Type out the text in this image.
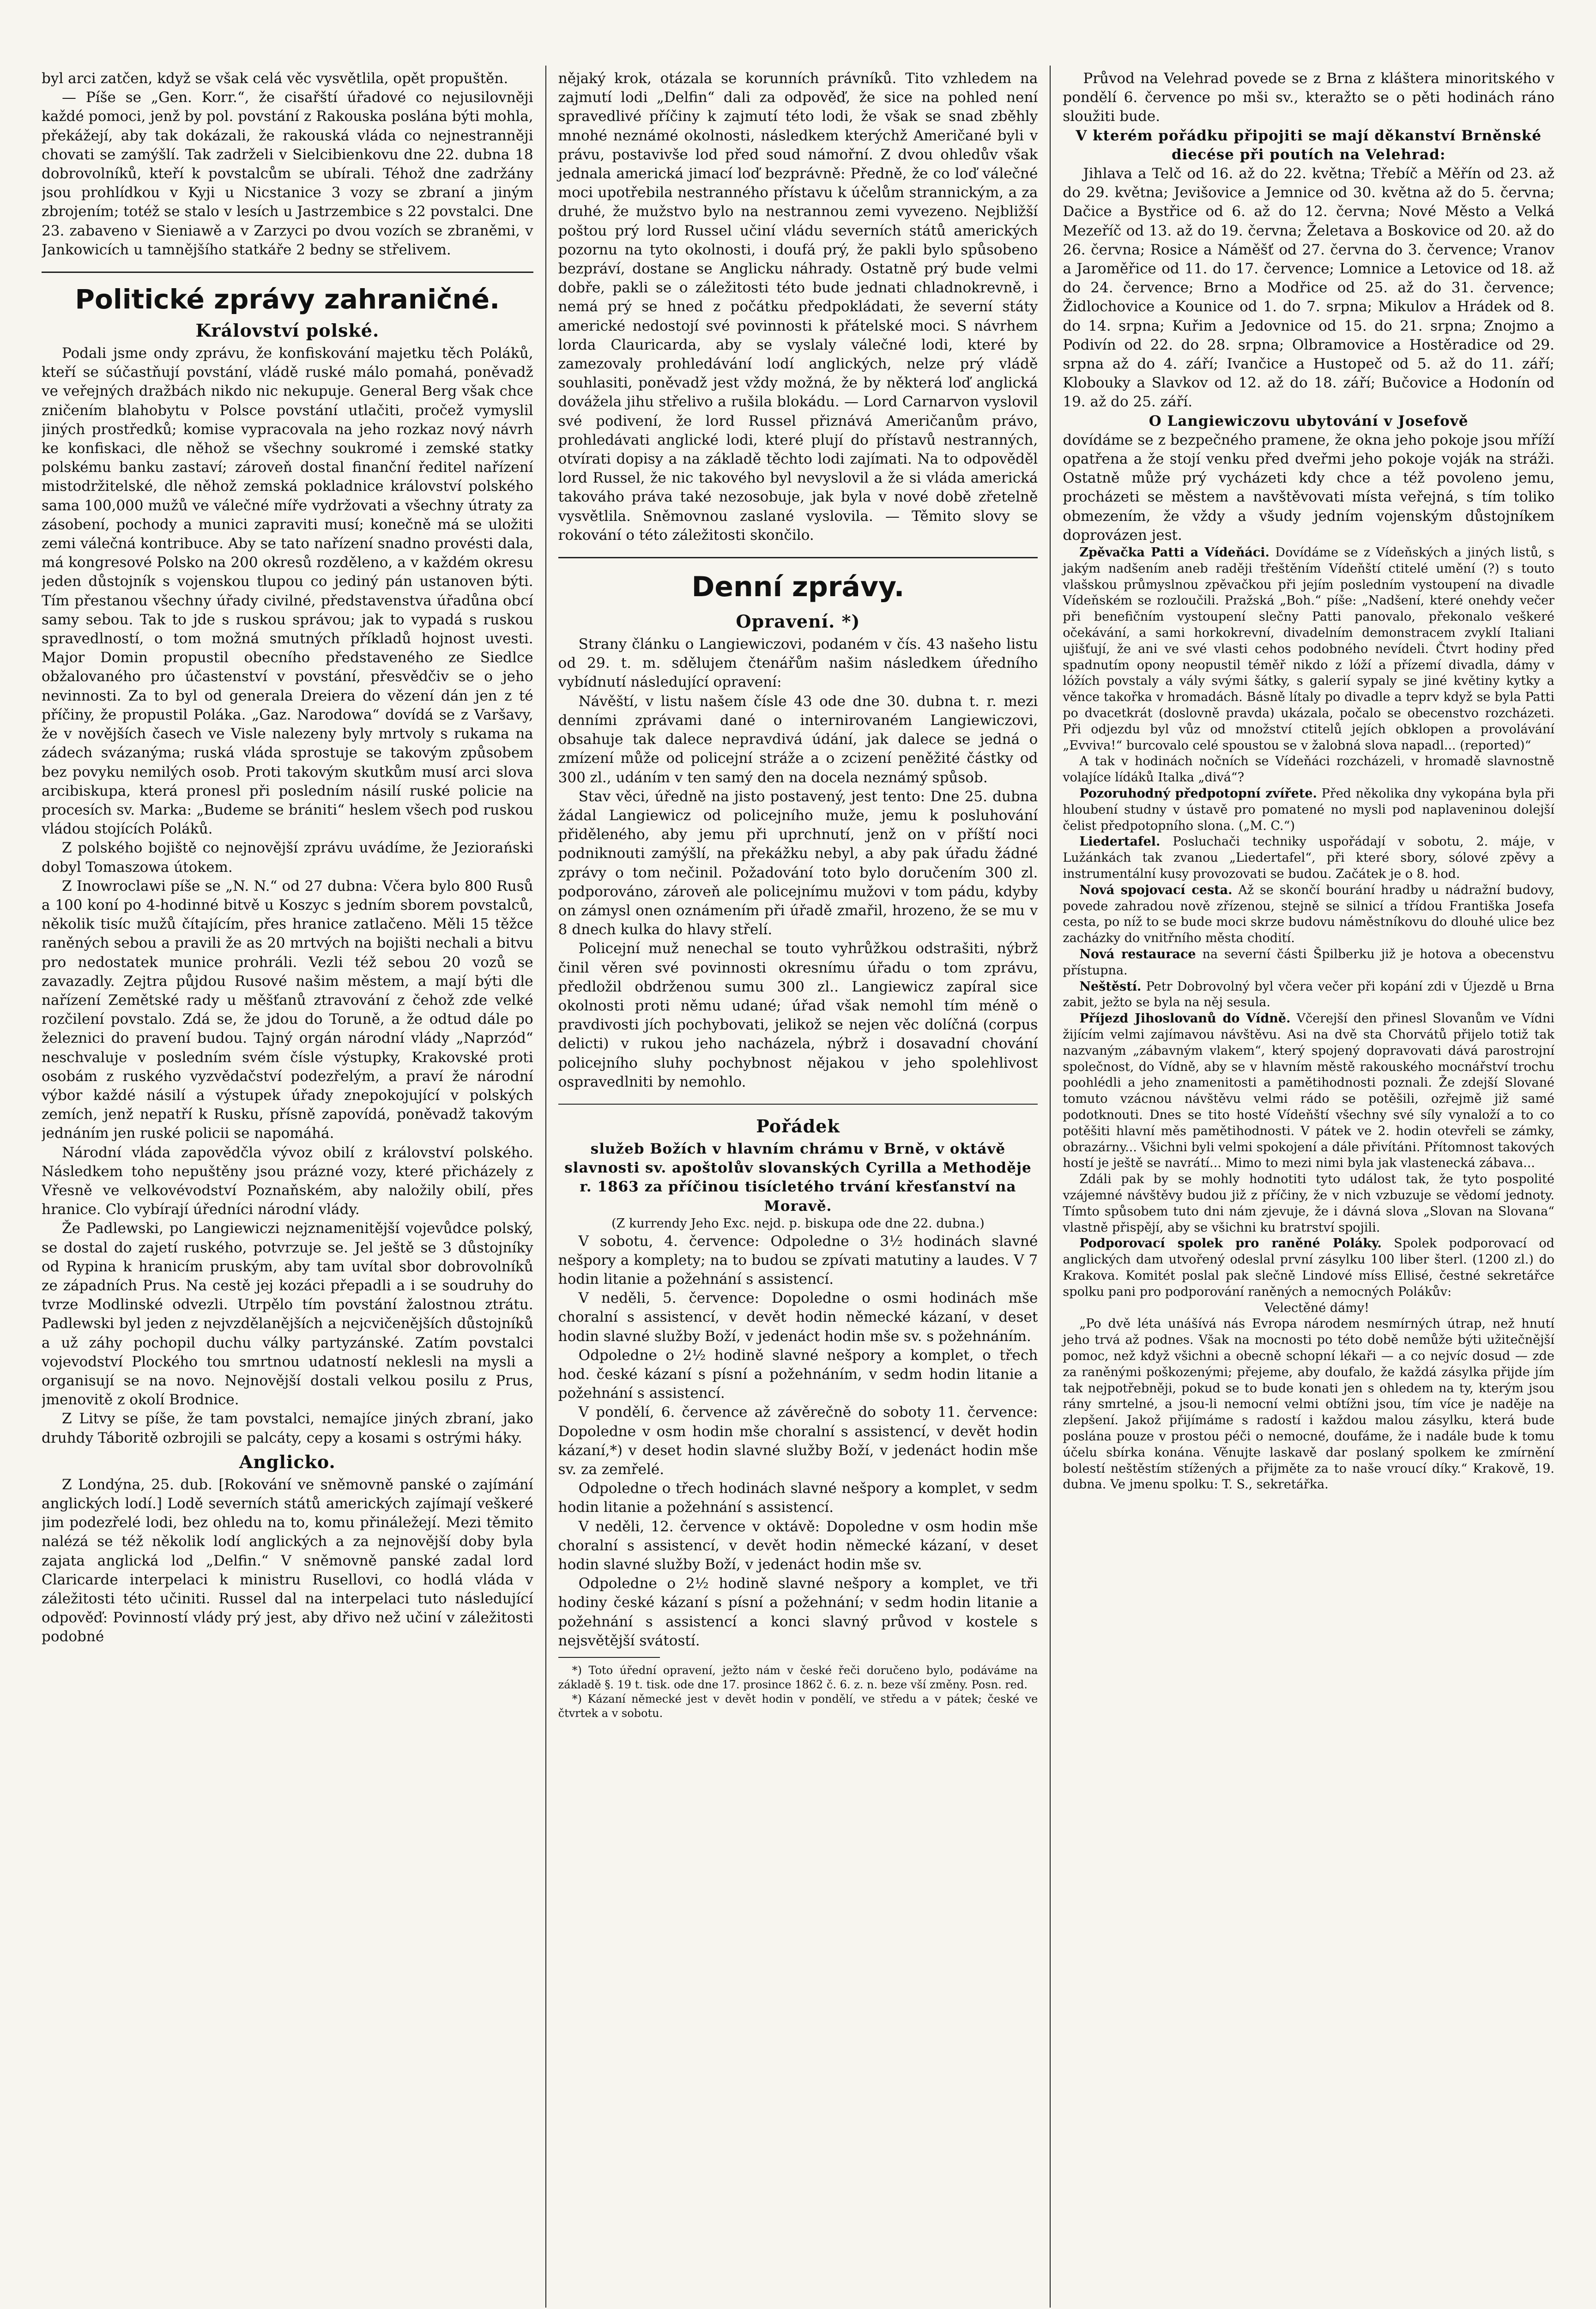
byl arci zatčen, když se však celá věc vysvětlila, opět propuštěn.

— Píše se „Gen. Korr.“, že cisařští úřadové co nejusilovněji každé pomoci, jenž by pol. povstání z Rakouska poslána býti mohla, překážejí, aby tak dokázali, že rakouská vláda co nejnestranněji chovati se zamýšlí. Tak zadrželi v Sielcibienkovu dne 22. dubna 18 dobrovolníků, kteří k povstalcům se ubírali. Téhož dne zadržány jsou prohlídkou v Kyji u Nicstanice 3 vozy se zbraní a jiným zbrojením; totéž se stalo v lesích u Jastrzembice s 22 povstalci. Dne 23. zabaveno v Sieniawě a v Zarzyci po dvou vozích se zbraněmi, v Jankowicích u tamnějšího statkáře 2 bedny se střelivem.

Politické zprávy zahraničné.
Království polské.

Podali jsme ondy zprávu, že konfiskování majetku těch Poláků, kteří se súčastňují povstání, vládě ruské málo pomahá, poněvadž ve veřejných dražbách nikdo nic nekupuje. General Berg však chce zničením blahobytu v Polsce povstání utlačiti, pročež vymyslil jiných prostředků; komise vypracovala na jeho rozkaz nový návrh ke konfiskaci, dle něhož se všechny soukromé i zemské statky polskému banku zastaví; zároveň dostal finanční ředitel nařízení mistodržitelské, dle něhož zemská pokladnice království polského sama 100,000 mužů ve válečné míře vydržovati a všechny útraty za zásobení, pochody a munici zapraviti musí; konečně má se uložiti zemi válečná kontribuce. Aby se tato nařízení snadno provésti dala, má kongresové Polsko na 200 okresů rozděleno, a v každém okresu jeden důstojník s vojenskou tlupou co jediný pán ustanoven býti. Tím přestanou všechny úřady civilné, představenstva úřadůna obcí samy sebou. Tak to jde s ruskou správou; jak to vypadá s ruskou spravedlností, o tom možná smutných příkladů hojnost uvesti. Major Domin propustil obecního představeného ze Siedlce obžalovaného pro účastenství v povstání, přesvědčiv se o jeho nevinnosti. Za to byl od generala Dreiera do vězení dán jen z té příčiny, že propustil Poláka. „Gaz. Narodowa“ dovídá se z Varšavy, že v novějších časech ve Visle nalezeny byly mrtvoly s rukama na zádech svázanýma; ruská vláda sprostuje se takovým způsobem bez povyku nemilých osob. Proti takovým skutkům musí arci slova arcibiskupa, která pronesl při posledním násilí ruské policie na procesích sv. Marka: „Budeme se brániti“ heslem všech pod ruskou vládou stojících Poláků.

Z polského bojiště co nejnovější zprávu uvádíme, že Jeziorański dobyl Tomaszowa útokem.

Z Inowroclawi píše se „N. N.“ od 27 dubna: Včera bylo 800 Rusů a 100 koní po 4-hodinné bitvě u Koszyc s jedním sborem povstalců, několik tisíc mužů čítajícím, přes hranice zatlačeno. Měli 15 těžce raněných sebou a pravili že as 20 mrtvých na bojišti nechali a bitvu pro nedostatek munice prohráli. Vezli též sebou 20 vozů se zavazadly. Zejtra půjdou Rusové našim městem, a mají býti dle nařízení Zemětské rady u měšťanů ztravování z čehož zde velké rozčilení povstalo. Zdá se, že jdou do Toruně, a že odtud dále po železnici do pravení budou. Tajný orgán národní vlády „Naprzód“ neschvaluje v posledním svém čísle výstupky, Krakovské proti osobám z ruského vyzvědačství podezřelým, a praví že národní výbor každé násilí a výstupek úřady znepokojující v polských zemích, jenž nepatří k Rusku, přísně zapovídá, poněvadž takovým jednáním jen ruské policii se napomáhá.

Národní vláda zapovědčla vývoz obilí z království polského. Následkem toho nepuštěny jsou prázné vozy, které přicházely z Vřesně ve velkovévodství Poznaňském, aby naložily obilí, přes hranice. Clo vybírají úředníci národní vlády.

Že Padlewski, po Langiewiczi nejznamenitější vojevůdce polský, se dostal do zajetí ruského, potvrzuje se. Jel ještě se 3 důstojníky od Rypina k hranicím pruským, aby tam uvítal sbor dobrovolníků ze západních Prus. Na cestě jej kozáci přepadli a i se soudruhy do tvrze Modlinské odvezli. Utrpělo tím povstání žalostnou ztrátu. Padlewski byl jeden z nejvzdělanějších a nejcvičenějších důstojníků a už záhy pochopil duchu války partyzánské. Zatím povstalci vojevodství Plockého tou smrtnou udatností neklesli na mysli a organisují se na novo. Nejnovější dostali velkou posilu z Prus, jmenovitě z okolí Brodnice.

Z Litvy se píše, že tam povstalci, nemajíce jiných zbraní, jako druhdy Táboritě ozbrojili se palcáty, cepy a kosami s ostrými háky.

Anglicko.

Z Londýna, 25. dub. [Rokování ve sněmovně panské o zajímání anglických lodí.] Lodě severních států amerických zajímají veškeré jim podezřelé lodi, bez ohledu na to, komu přináležejí. Mezi těmito nalézá se též několik lodí anglických a za nejnovější doby byla zajata anglická lod „Delfin.“ V sněmovně panské zadal lord Claricarde interpelaci k ministru Rusellovi, co hodlá vláda v záležitosti této učiniti. Russel dal na interpelaci tuto následující odpověď: Povinností vlády prý jest, aby dřivo než učiní v záležitosti podobné

nějaký krok, otázala se korunních právníků. Tito vzhledem na zajmutí lodi „Delfin“ dali za odpověď, že sice na pohled není spravedlivé příčiny k zajmutí této lodi, že však se snad zběhly mnohé neznámé okolnosti, následkem kterýchž Američané byli v právu, postavivše lod před soud námořní. Z dvou ohledův však jednala americká jimací loď bezprávně: Předně, že co loď válečné moci upotřebila nestranného přístavu k účelům strannickým, a za druhé, že mužstvo bylo na nestrannou zemi vyvezeno. Nejbližší poštou prý lord Russel učiní vládu severních států amerických pozornu na tyto okolnosti, i doufá prý, že pakli bylo spůsobeno bezpráví, dostane se Anglicku náhrady. Ostatně prý bude velmi dobře, pakli se o záležitosti této bude jednati chladnokrevně, i nemá prý se hned z počátku předpokládati, že severní státy americké nedostojí své povinnosti k přátelské moci. S návrhem lorda Clauricarda, aby se vyslaly válečné lodi, které by zamezovaly prohledávání lodí anglických, nelze prý vládě souhlasiti, poněvadž jest vždy možná, že by některá loď anglická dovážela jihu střelivo a rušila blokádu. — Lord Carnarvon vyslovil své podivení, že lord Russel přiznává Američanům právo, prohledávati anglické lodi, které plují do přístavů nestranných, otvírati dopisy a na základě těchto lodi zajímati. Na to odpověděl lord Russel, že nic takového byl nevyslovil a že si vláda americká takováho práva také nezosobuje, jak byla v nové době zřetelně vysvětlila. Sněmovnou zaslané vyslovila. — Těmito slovy se rokování o této záležitosti skončilo.

Denní zprávy.
Opravení. *)

Strany článku o Langiewiczovi, podaném v čís. 43 našeho listu od 29. t. m. sdělujem čtenářům našim následkem úředního vybídnutí následující opravení:

Návěští, v listu našem čísle 43 ode dne 30. dubna t. r. mezi denními zprávami dané o internirovaném Langiewiczovi, obsahuje tak dalece nepravdivá údání, jak dalece se jedná o zmízení může od policejní stráže a o zcizení peněžité částky od 300 zl., udáním v ten samý den na docela neznámý spůsob.

Stav věci, úředně na jisto postavený, jest tento: Dne 25. dubna žádal Langiewicz od policejního muže, jemu k posluhování přiděleného, aby jemu při uprchnutí, jenž on v příští noci podniknouti zamýšlí, na překážku nebyl, a aby pak úřadu žádné zprávy o tom nečinil. Požadování toto bylo doručením 300 zl. podporováno, zároveň ale policejnímu mužovi v tom pádu, kdyby on zámysl onen oznámením při úřadě zmařil, hrozeno, že se mu v 8 dnech kulka do hlavy střelí.

Policejní muž nenechal se touto vyhrůžkou odstrašiti, nýbrž činil věren své povinnosti okresnímu úřadu o tom zprávu, předložil obdrženou sumu 300 zl.. Langiewicz zapíral sice okolnosti proti němu udané; úřad však nemohl tím méně o pravdivosti jích pochybovati, jelikož se nejen věc dolíčná (corpus delicti) v rukou jeho nacházela, nýbrž i dosavadní chování policejního sluhy pochybnost nějakou v jeho spolehlivost ospravedlniti by nemohlo.

Pořádek

služeb Božích v hlavním chrámu v Brně, v oktávě slavnosti sv. apoštolův slovanských Cyrilla a Methoděje r. 1863 za příčinou tisícletého trvání křesťanství na Moravě.

(Z kurrendy Jeho Exc. nejd. p. biskupa ode dne 22. dubna.)

V sobotu, 4. července: Odpoledne o 3½ hodinách slavné nešpory a komplety; na to budou se zpívati matutiny a laudes. V 7 hodin litanie a požehnání s assistencí.

V neděli, 5. července: Dopoledne o osmi hodinách mše choralní s assistencí, v devět hodin německé kázaní, v deset hodin slavné služby Boží, v jedenáct hodin mše sv. s požehnáním.

Odpoledne o 2½ hodině slavné nešpory a komplet, o třech hod. české kázaní s písní a požehnáním, v sedm hodin litanie a požehnání s assistencí.

V pondělí, 6. července až závěrečně do soboty 11. července: Dopoledne v osm hodin mše choralní s assistencí, v devět hodin kázaní,*) v deset hodin slavné služby Boží, v jedenáct hodin mše sv. za zemřelé.

Odpoledne o třech hodinách slavné nešpory a komplet, v sedm hodin litanie a požehnání s assistencí.

V neděli, 12. července v oktávě: Dopoledne v osm hodin mše choralní s assistencí, v devět hodin německé kázaní, v deset hodin slavné služby Boží, v jedenáct hodin mše sv.

Odpoledne o 2½ hodině slavné nešpory a komplet, ve tři hodiny české kázaní s písní a požehnání; v sedm hodin litanie a požehnání s assistencí a konci slavný průvod v kostele s nejsvětější svátostí.

*) Toto úřední opravení, ježto nám v české řeči doručeno bylo, podáváme na základě §. 19 t. tisk. ode dne 17. prosince 1862 č. 6. z. n. beze vší změny. Posn. red.

*) Kázaní německé jest v devět hodin v pondělí, ve středu a v pátek; české ve čtvrtek a v sobotu.

Průvod na Velehrad povede se z Brna z kláštera minoritského v pondělí 6. července po mši sv., kteražto se o pěti hodinách ráno sloužiti bude.

V kterém pořádku připojiti se mají děkanství Brněnské diecése při poutích na Velehrad:

Jihlava a Telč od 16. až do 22. května; Třebíč a Měřín od 23. až do 29. května; Jevišovice a Jemnice od 30. května až do 5. června; Dačice a Bystřice od 6. až do 12. června; Nové Město a Velká Mezeříč od 13. až do 19. června; Želetava a Boskovice od 20. až do 26. června; Rosice a Náměšť od 27. června do 3. července; Vranov a Jaroměřice od 11. do 17. července; Lomnice a Letovice od 18. až do 24. července; Brno a Modřice od 25. až do 31. července; Židlochovice a Kounice od 1. do 7. srpna; Mikulov a Hrádek od 8. do 14. srpna; Kuřim a Jedovnice od 15. do 21. srpna; Znojmo a Podivín od 22. do 28. srpna; Olbramovice a Hostěradice od 29. srpna až do 4. září; Ivančice a Hustopeč od 5. až do 11. září; Klobouky a Slavkov od 12. až do 18. září; Bučovice a Hodonín od 19. až do 25. září.

O Langiewiczovu ubytování v Josefově

dovídáme se z bezpečného pramene, že okna jeho pokoje jsou mříží opatřena a že stojí venku před dveřmi jeho pokoje voják na stráži. Ostatně může prý vycházeti kdy chce a též povoleno jemu, procházeti se městem a navštěvovati místa veřejná, s tím toliko obmezením, že vždy a všudy jedním vojenským důstojníkem doprovázen jest.

Zpěvačka Patti a Vídeňáci. Dovídáme se z Vídeňských a jiných listů, s jakým nadšením aneb raději třeštěním Vídeňští ctitelé umění (?) s touto vlašskou průmyslnou zpěvačkou při jejím posledním vystoupení na divadle Vídeňském se rozloučili. Pražská „Boh.“ píše: „Nadšení, které onehdy večer při benefičním vystoupení slečny Patti panovalo, překonalo veškeré očekávání, a sami horkokrevní, divadelním demonstracem zvyklí Italiani ujišťují, že ani ve své vlasti cehos podobného nevídeli. Čtvrt hodiny před spadnutím opony neopustil téměř nikdo z lóží a přízemí divadla, dámy v lóžích povstaly a vály svými šátky, s galerií sypaly se jiné květiny kytky a věnce takořka v hromadách. Básně lítaly po divadle a teprv když se byla Patti po dvacetkrát (doslovně pravda) ukázala, počalo se obecenstvo rozcházeti. Při odjezdu byl vůz od množství ctitelů jejích obklopen a provolávání „Evviva!“ burcovalo celé spoustou se v žalobná slova napadl... (reported)“

A tak v hodinách nočních se Vídeňáci rozcházeli, v hromadě slavnostně volajíce lídáků Italka „divá“?

Pozoruhodný předpotopní zvířete. Před několika dny vykopána byla při hloubení studny v ústavě pro pomatené no mysli pod naplaveninou dolejší čelist předpotopního slona. („M. C.“)

Liedertafel. Posluchači techniky uspořádají v sobotu, 2. máje, v Lužánkách tak zvanou „Liedertafel“, při které sbory, sólové zpěvy a instrumentální kusy provozovati se budou. Začátek je o 8. hod.

Nová spojovací cesta. Až se skončí bourání hradby u nádražní budovy, povede zahradou nově zřízenou, stejně se silnicí a třídou Františka Josefa cesta, po níž to se bude moci skrze budovu náměstníkovu do dlouhé ulice bez zacházky do vnitřního města chodití.

Nová restaurace na severní části Špilberku již je hotova a obecenstvu přístupna.

Neštěstí. Petr Dobrovolný byl včera večer při kopání zdi v Újezdě u Brna zabit, ježto se byla na něj sesula.

Příjezd Jihoslovanů do Vídně. Včerejší den přinesl Slovanům ve Vídni žijícím velmi zajímavou návštěvu. Asi na dvě sta Chorvátů přijelo totiž tak nazvaným „zábavným vlakem“, který spojený dopravovati dává parostrojní společnost, do Vídně, aby se v hlavním městě rakouského mocnářství trochu poohlédli a jeho znamenitosti a pamětihodnosti poznali. Že zdejší Slované tomuto vzácnou návštěvu velmi rádo se potěšili, ozřejmě již samé podotknouti. Dnes se tito hosté Vídeňští všechny své síly vynaloží a to co potěšiti hlavní měs pamětihodnosti. V pátek ve 2. hodin otevřeli se zámky, obrazárny... Všichni byli velmi spokojení a dále přivítáni. Přítomnost takových hostí je ještě se navrátí... Mimo to mezi nimi byla jak vlastenecká zábava...

Zdáli pak by se mohly hodnotiti tyto událost tak, že tyto pospolité vzájemné návštěvy budou již z příčiny, že v nich vzbuzuje se vědomí jednoty. Tímto spůsobem tuto dni nám zjevuje, že i dávná slova „Slovan na Slovana“ vlastně přispějí, aby se všichni ku bratrství spojili.

Podporovací spolek pro raněné Poláky. Spolek podporovací od anglických dam utvořený odeslal první zásylku 100 liber šterl. (1200 zl.) do Krakova. Komitét poslal pak slečně Lindové míss Ellisé, čestné sekretářce spolku pani pro podporování raněných a nemocných Polákův:

Velectěné dámy!

„Po dvě léta unášívá nás Evropa národem nesmírných útrap, než hnutí jeho trvá až podnes. Však na mocnosti po této době nemůže býti užitečnější pomoc, než když všichni a obecně schopní lékaři — a co nejvíc dosud — zde za raněnými poškozenými; přejeme, aby doufalo, že každá zásylka přijde jím tak nejpotřebněji, pokud se to bude konati jen s ohledem na ty, kterým jsou rány smrtelné, a jsou-li nemocní velmi obtížni jsou, tím více je naděje na zlepšení. Jakož přijímáme s radostí i každou malou zásylku, která bude poslána pouze v prostou péči o nemocné, doufáme, že i nadále bude k tomu účelu sbírka konána. Věnujte laskavě dar poslaný spolkem ke zmírnění bolestí neštěstím stížených a přijměte za to naše vroucí díky.“ Krakově, 19. dubna. Ve jmenu spolku: T. S., sekretářka.
